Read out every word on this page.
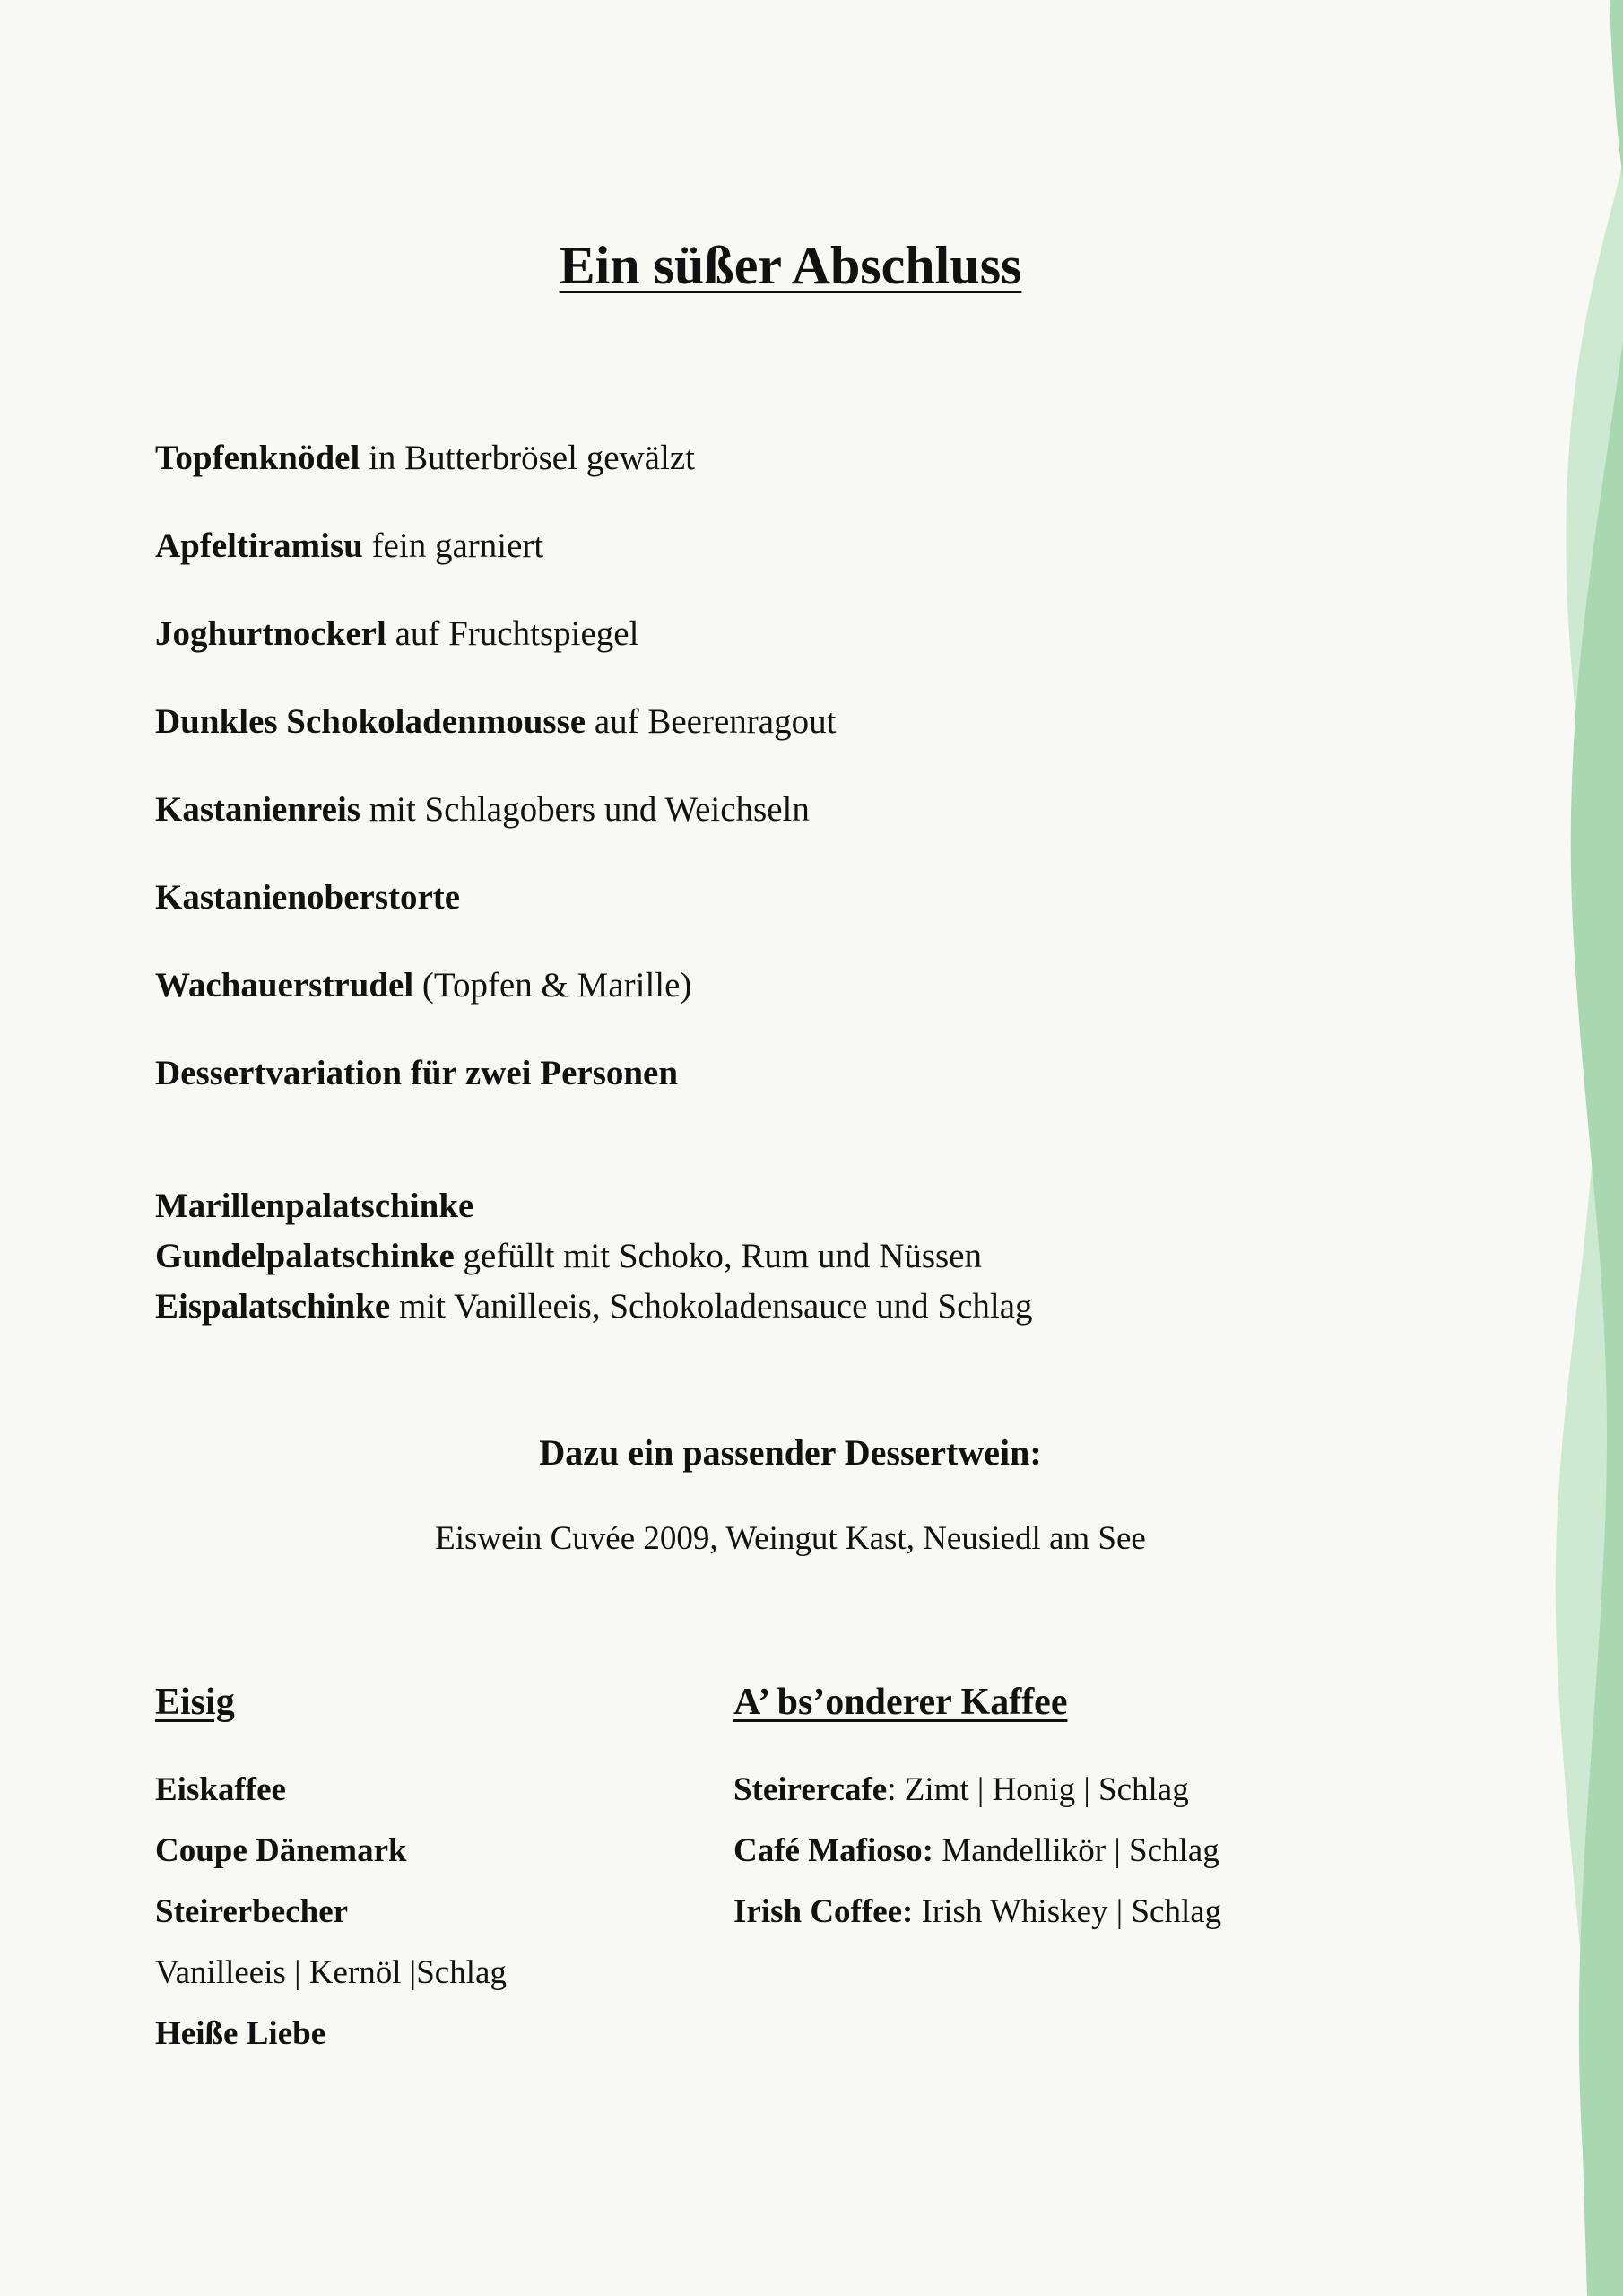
Ein süßer Abschluss
Topfenknödel in Butterbrösel gewälzt
Apfeltiramisu fein garniert
Joghurtnockerl auf Fruchtspiegel
Dunkles Schokoladenmousse auf Beerenragout
Kastanienreis mit Schlagobers und Weichseln
Kastanienoberstorte
Wachauerstrudel (Topfen & Marille)
Dessertvariation für zwei Personen
Marillenpalatschinke
Gundelpalatschinke gefüllt mit Schoko, Rum und Nüssen
Eispalatschinke mit Vanilleeis, Schokoladensauce und Schlag
Dazu ein passender Dessertwein:
Eiswein Cuvée 2009, Weingut Kast, Neusiedl am See
Eisig
Eiskaffee
Coupe Dänemark
Steirerbecher
Vanilleeis | Kernöl |Schlag
Heiße Liebe
A’ bs’onderer Kaffee
Steirercafe: Zimt | Honig | Schlag
Café Mafioso: Mandellikör | Schlag
Irish Coffee: Irish Whiskey | Schlag
